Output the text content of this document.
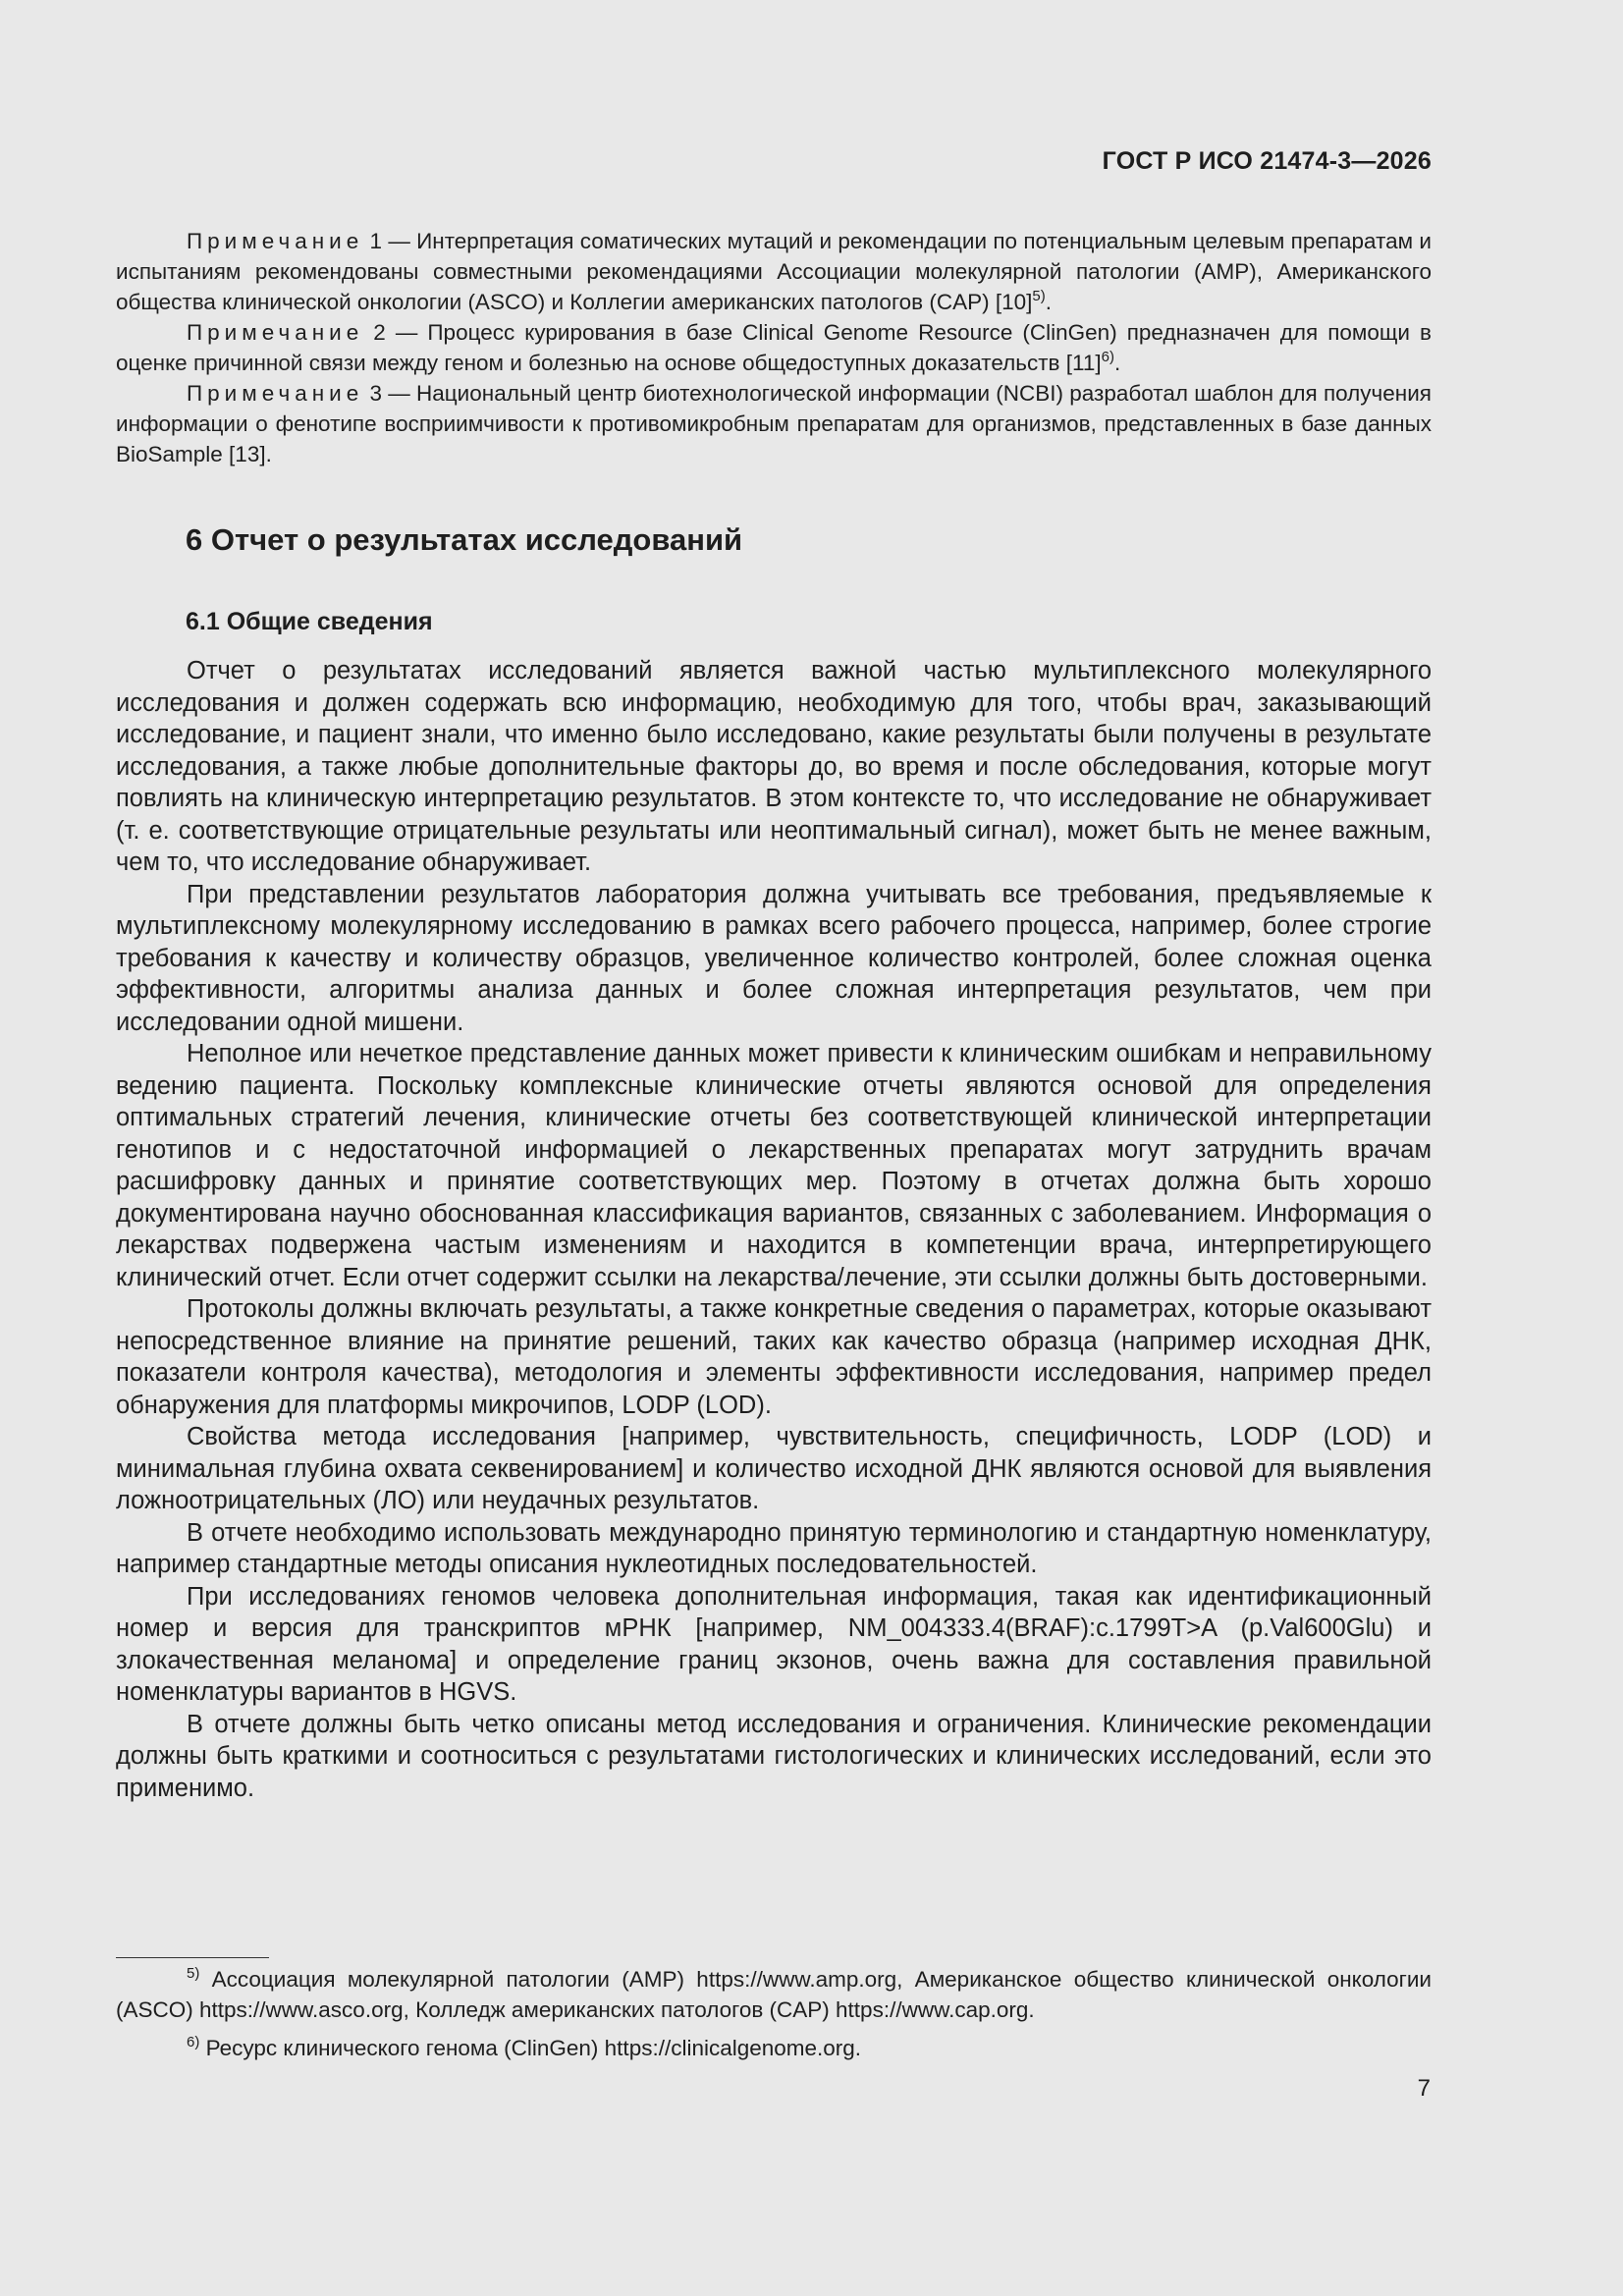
ГОСТ Р ИСО 21474-3—2026

Примечание 1 — Интерпретация соматических мутаций и рекомендации по потенциальным целевым препаратам и испытаниям рекомендованы совместными рекомендациями Ассоциации молекулярной патологии (AMP), Американского общества клинической онкологии (ASCO) и Коллегии американских патологов (CAP) $[10]^{5)}$.

Примечание 2 — Процесс курирования в базе Clinical Genome Resource (ClinGen) предназначен для помощи в оценке причинной связи между геном и болезнью на основе общедоступных доказательств $[11]^{6)}$.

Примечание 3 — Национальный центр биотехнологической информации (NCBI) разработал шаблон для получения информации о фенотипе восприимчивости к противомикробным препаратам для организмов, представленных в базе данных BioSample [13].

6 Отчет о результатах исследований
6.1 Общие сведения

Отчет о результатах исследований является важной частью мультиплексного молекулярного исследования и должен содержать всю информацию, необходимую для того, чтобы врач, заказывающий исследование, и пациент знали, что именно было исследовано, какие результаты были получены в результате исследования, а также любые дополнительные факторы до, во время и после обследования, которые могут повлиять на клиническую интерпретацию результатов. В этом контексте то, что исследование не обнаруживает (т. е. соответствующие отрицательные результаты или неоптимальный сигнал), может быть не менее важным, чем то, что исследование обнаруживает.

При представлении результатов лаборатория должна учитывать все требования, предъявляемые к мультиплексному молекулярному исследованию в рамках всего рабочего процесса, например, более строгие требования к качеству и количеству образцов, увеличенное количество контролей, более сложная оценка эффективности, алгоритмы анализа данных и более сложная интерпретация результатов, чем при исследовании одной мишени.

Неполное или нечеткое представление данных может привести к клиническим ошибкам и неправильному ведению пациента. Поскольку комплексные клинические отчеты являются основой для определения оптимальных стратегий лечения, клинические отчеты без соответствующей клинической интерпретации генотипов и с недостаточной информацией о лекарственных препаратах могут затруднить врачам расшифровку данных и принятие соответствующих мер. Поэтому в отчетах должна быть хорошо документирована научно обоснованная классификация вариантов, связанных с заболеванием. Информация о лекарствах подвержена частым изменениям и находится в компетенции врача, интерпретирующего клинический отчет. Если отчет содержит ссылки на лекарства/лечение, эти ссылки должны быть достоверными.

Протоколы должны включать результаты, а также конкретные сведения о параметрах, которые оказывают непосредственное влияние на принятие решений, таких как качество образца (например исходная ДНК, показатели контроля качества), методология и элементы эффективности исследования, например предел обнаружения для платформы микрочипов, LODP (LOD).

Свойства метода исследования [например, чувствительность, специфичность, LODP (LOD) и минимальная глубина охвата секвенированием] и количество исходной ДНК являются основой для выявления ложноотрицательных (ЛО) или неудачных результатов.

В отчете необходимо использовать международно принятую терминологию и стандартную номенклатуру, например стандартные методы описания нуклеотидных последовательностей.

При исследованиях геномов человека дополнительная информация, такая как идентификационный номер и версия для транскриптов мРНК [например, NM_004333.4(BRAF):c.1799T>A (p.Val600Glu) и злокачественная меланома] и определение границ экзонов, очень важна для составления правильной номенклатуры вариантов в HGVS.

В отчете должны быть четко описаны метод исследования и ограничения. Клинические рекомендации должны быть краткими и соотноситься с результатами гистологических и клинических исследований, если это применимо.

$^{5)}$ Ассоциация молекулярной патологии (AMP) https://www.amp.org, Американское общество клинической онкологии (ASCO) https://www.asco.org, Колледж американских патологов (CAP) https://www.cap.org.

$^{6)}$ Ресурс клинического генома (ClinGen) https://clinicalgenome.org.

7
